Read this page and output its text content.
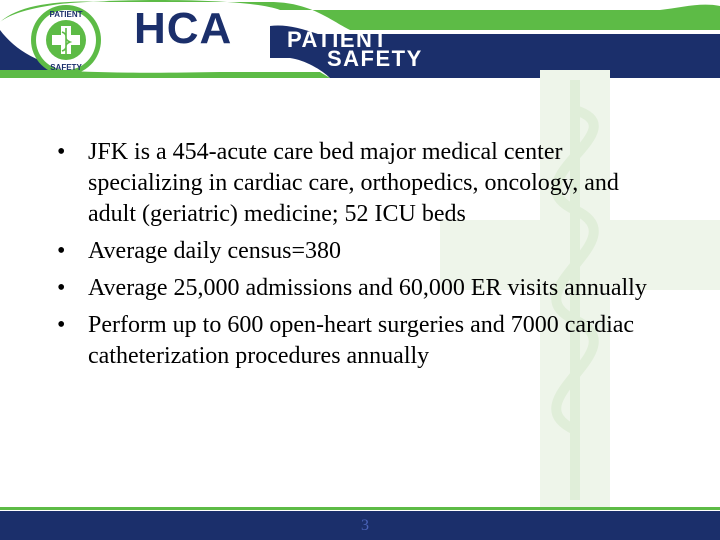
PATIENT
SAFETY
HCA PATIENT
SAFETY
• JFK is a 454-acute care bed major medical center specializing in cardiac care, orthopedics, oncology, and adult (geriatric) medicine; 52 ICU beds
• Average daily census=380
• Average 25,000 admissions and 60,000 ER visits annually
• Perform up to 600 open-heart surgeries and 7000 cardiac catheterization procedures annually
3
